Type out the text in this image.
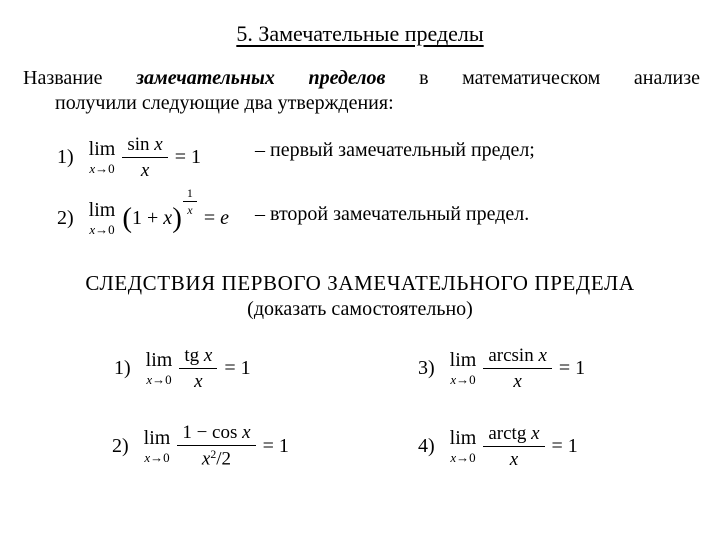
5. Замечательные пределы
Название замечательных пределов в математическом анализе
получили следующие два утверждения:
1) lim
$x\to 0 \frac{\text{sin x}}{x} = 1$	– первый замечательный предел;
2) lim
x→0 ( 1 + x )
$\frac{1}{x}$
= e – второй замечательный предел.
СЛЕДСТВИЯ ПЕРВОГО ЗАМЕЧАТЕЛЬНОГО ПРЕДЕЛА
(доказать самостоятельно)
1) lim
$x\to 0 \frac{\text{tg x}}{x} = 1$
2) lim
$x\to 0 \frac{\text{1 − cos x}}{x^2/2} = 1$
3) lim
$x\to 0 \frac{\text{arcsin x}}{x} = 1$
4) lim
$x\to 0 \frac{\text{arctg x}}{x} = 1$
